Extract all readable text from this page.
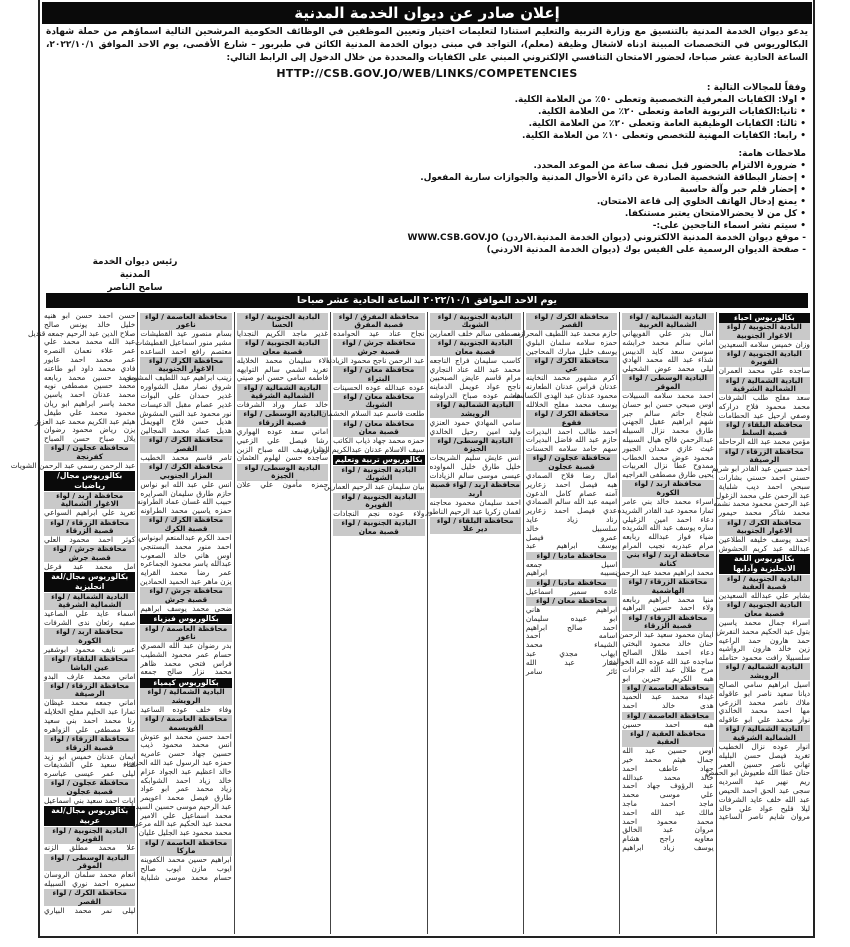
إعلان صادر عن ديوان الخدمة المدنية
يدعو ديوان الخدمة المدنية بالتنسيق مع وزارة التربية والتعليم استنادا لتعليمات اختيار وتعيين الموظفين في الوظائف الحكومية المرشحين التالية اسماؤهم من حملة شهادة البكالوريوس في التخصصات المبينة ادناه لاشغال وظيفة (معلم)، التواجد في مبنى ديوان الخدمة المدنية الكائن في طبربور – شارع الأقصى، يوم الاحد الموافق ٢٠٢٢/١٠/١، الساعة الحادية عشر صباحا، لحضور الامتحان التنافسي الإلكتروني المبني على الكفايات والمحددة من خلال الدخول إلى الرابط التالي:
HTTP://CSB.GOV.JO/WEB/LINKS/COMPETENCIES
وفقاً للمجالات التالية :
• اولا: الكفايات المعرفية التخصصية وتعطى ٥٠٪ من العلامة الكلية.
• ثانيا:الكفايات التربوية العامة وتعطى ٢٠٪ من العلامة الكلية.
• ثالثا: الكفايات الوظيفية العامة وتعطى ٢٠٪ من العلامة الكلية.
• رابعا: الكفايات المهنية للتخصص وتعطى ١٠٪ من العلامة الكلية.
ملاحظات هامة:
• ضرورة الالتزام بالحضور قبل نصف ساعة من الموعد المحدد.
• إحضار البطاقة الشخصية الصادرة عن دائرة الأحوال المدنية والجوازات سارية المفعول.
• إحضار قلم حبر وآلة حاسبة
• يمنع إدخال الهاتف الخلوي إلى قاعة الامتحان.
• كل من لا يحضرالامتحان يعتبر مستنكفا.
• سيتم نشر اسماء الناجحين على:-
- موقع ديوان الخدمة المدنية الالكتروني (ديوان الخدمة المدنية.الاردن) WWW.CSB.GOV.JO
- صفحة الديوان الرسمية على الفيس بوك (ديوان الخدمة المدنية الاردني)
رئيس ديوان الخدمة المدنية
سامح الناصر
يوم الاحد الموافق ٢٠٢٢/١٠/١ الساعة الحادية عشر صباحا
بكالوريوس احياء
البادية الجنوبية / لواء الاغوار الجنوبية
وزان خميس سلامه السعيدين
البادية الجنوبية / لواء القويرة
ساجده علي محمد العمران
البادية الشمالية / لواء الشمالية الشرقية
سعد مفلح طلب الشرفات
محمد محمود فلاح دراركه
وصفي ارحيل عيد الحطامات
محافظة البلقاء / لواء قصبة السلط
مؤمن محمد عبد الله الرحاحله
محافظة الزرقاء / لواء الرصيفة
احمد حسين عبد القادر ابو شريم
حسني احمد حسني بشارات
سبحي احمد ديب شلباية
عبد الرحمن علي محمد الزغول
عبد الرحمن محمود محمد نشمه
محمد شاكر محمد حيمور
محافظة الكرك / لواء الاغوار الجنوبية
احمد يوسف خليفه الطلاعين
عبدالله عبد كريم الحشوش
بكالوريوس اللغة الانجليزية وآدابها
البادية الجنوبية / لواء قصبة العقبة
بشاير علي عبدالله السعيدين
البادية الجنوبية / لواء قصبة معان
اسراء جمال محمد ياسين
بتول عبد الحكيم محمد النفرش
حمد هارون حمد الراعيه
زين خالد هارون الرواشيه
سلسبيلا رافت محمود حتامله
البادية الشمالية / لواء الرويشد
اسيل ابراهيم سامي الصالح
ديانا سعيد ناصر ابو عاقوله
ملاك ناصر محمد الزرعي
مها احمد محمد الخالدي
نوار محمد علي ابو عاقوله
البادية الشمالية / لواء الشمالية الشرقية
انوار عوده نزال الخطيب
تغريد فيصل حسن البليله
تهاني ناصر حسين العمر
حنان عطا الله طعيوش ابو الحمص
ريم نهير عيد السرديه
سجى عبد الحق احمد الحيص
عبد الله خلف عايد الشرفات
ليلا فليح عواد علي خالد
مروان شايم ناصر الساعيد
البادية الشمالية / لواء الشمالية الغربية
امال بدر علي الفويهاني
اماني سالم محمد خرابشه
سوسن سعد كايد الدبيس
شذاء عبد الله محمد الهادي
ليلى محمد عوض الشحيلي
البادية الوسطى / لواء الموقر
احمد محمد سلامه السبيلات
اوس صبحي حسن ابو حسان
شجاع حاتم سالم جبر
شهم ابراهيم عقيل الجهني
طارق محمد نزال السبيله
عبدالرحمن فالح هيال السبيله
غيث غازي حمدان الجبور
محمود عوض محمد الخطاب
ممدوح عطا نزال العربيات
يحيى طارق مصطفى الفراجيه
محافظة اربد / لواء الكورة
اسراء محمد خالد بني عامر
تمارا محمود عبد القادر الشريده
دعاء احمد امين الزغيلي
ساره يوسف عبد الله الشريده
ضياء فواز عبدالله ربابعه
مرام عبدربه نجيب المرام
محافظة اربد / لواء بني كنانة
محمد ابراهيم محمد عبد الرحمن
محافظة الزرقاء / لواء الهاشمية
منيا محمد ابراهيم ربابعه
ولاء احمد حسين البراهيه
محافظة الزرقاء / لواء قصبة الزرقاء
ايمان محمود سعيد عبد الرحمن
حنان خالد محمود البختي
دعاء احمد طلال الصالح
ساجده عبد الله عوده الله الخوالده
مرح طلال عبد الله جرادات
هبه الكريم جبرين ابو
محافظة العاصمة / لواء
غيداء محمد عبد الحميد
هدى خالد احمد
محافظة العاصمة / لواء
هبه احمد حسين
محافظة العقبة / لواء العقبة
اوس حسين عبد الله
جمال هيثم محمد خير
جهاد عاطف احمد
خالد محمد عبدالله
عبد الرؤوف جهاد احمد
علي موسى محمد
ماجد احمد ماجد
مالك عبد الله احمد
محمد محمود احمد
مروان عبد الخالق
معاويه راجح هشام
يوسف زياد ابراهيم
محافظة الكرك / لواء القصر
حازم محمد عبد اللطيف المحرازنه
حمزه سلامه سلمان البلوي
يوسف خليل مبارك المحاجين
محافظة الكرك / لواء عي
اكرم مشهور محمد النخاينه
عدنان فراس عدنان الطعارنه
محمود عدنان عبد الهدى الكساسبه
يوسف محمد مفلح الخلالله
محافظة الكرك / لواء فقوع
احمد طالب احمد البديرات
حازم عبد الله فاضل البديرات
سهم حامد سلامه الحسنات
محافظة عجلون / لواء قصبة عجلون
امال رضا فلاح الصمادي
هبه فيصل احمد زعارير
آمنه عصام كامل الدعون
اميمه عبد الله سالم الصمادي
عدي فيصل احمد زعارير
رناد زياد عايد
سلسبيل خالد
عمرو فيصل
يوسف ابراهيم عبد
محافظة مادبا / لواء
اسيل جمعه
نسيبه ابراهيم
محافظة مادبا / لواء
غاده سمير اسماعيل
محافظة معان / لواء
ابراهيم هاني
ابو عبيده سليمان
احمد صالح ابراهيم
اسامه احمد
الشيماء محمد
ايهاب مجدي عبد
بشار عبد الله
ثائر سامر
البادية الجنوبية / لواء الشوبك
مصطفى سالم خلف العمارين
البادية الجنوبية / لواء قصبة معان
كاسب سليمان فراج الناجعه
محمد عبد الله عناد النجاري
مرام قاسم عايض الصبحيين
ناجح عواد عويمل الدماينه
هاشم عوده صباح الدراوشه
البادية الشمالية / لواء الرويشد
سامي المهادي حمود العنزي
وليد امين رحيل الخالدي
البادية الوسطى/ لواء الجيزة
انس عايش سليم الشريجات
خليل طارق خليل المواوده
عيسى موسى سالم الزيادات
محافظة اربد / لواء قصبة اربد
احمد سليمان محمود محاجنه
لقمان زكريا عبد الرحيم الناطور
محافظة البلقاء / لواء دير علا
محافظة المفرق / لواء قصبة المفرق
نجاح عناد عيد الحوامده
محافظة جرش / لواء قصبة جرش
عبد الرحمن ناجح محمود الزيادنه
محافظة معان / لواء البتراء
عوده عبدالله عوده الحسينات
محافظة معان / لواء الشوبك
طلعت قاسم عبد السلام الخشمان
محافظة معان / لواء قصبة معان
حمزه محمد جهاد ذياب الكاتب
سيف الاسلام عدنان عبدالكريم الشراري
بكالوريوس تربية وتعليم
البادية الجنوبية / لواء الشوبك
بيان سليمان عبد الرحيم العمارين
البادية الجنوبية / لواء القويرة
ولاء عوده نجم النجادات
البادية الجنوبية / لواء قصبة معان
البادية الجنوبية / لواء الحسا
غدير ماجد الكريم النجدايا
البادية الجنوبية / لواء قصبة معان
الاء سليمان محمد الخلايله
تغريد الشمي سالم التوايهه
فاطمه سامي حسن ابو صيني
البادية الشمالية / لواء الشمالية الشرقية
خالد عمار وراد الشرفات
البادية الوسطى / لواء قصبة الزرقاء
اماني سعد عوده الهواري
رشا فيصل علي الزعبي
روان ضيف الله صباح الزبن
ساجده حسن لهلوم العثمان
البادية الوسطى/ لواء الجيزة
حمزه مأمون علي علان
محافظة العاصمة / لواء ناعور
بسام منصور عيد القطيشات
مشير منور اسماعيل القطيشات
معتصم رافع احمد الساعده
محافظة الكرك / لواء الاغوار الجنوبية
زينب ابراهيم عبد اللطيف المشوش
شروق نصار مقبل الشواوره
غدير حمدان علي البوات
غدير عصام مقبل الدعيسات
نور محمود عبد النبي المشوش
هديل حسن فلاح الهويمل
هديل عماد محمد المجالين
محافظة الكرك / لواء القصر
تامر قاسم محمد الخطيب
محافظة الكرك / لواء المزار الجنوبي
انس علي عبد الله ابو نواس
حازم طارق سليمان الصرايره
حبيب الله غسان عماد الطراونه
حمزه ياسين محمد الطراونه
محافظة الكرك / لواء قصبة الكرك
احمد الكرم عبدالمنعم ابونواس
احمد منور محمد البستنجي
اوس هاني خالد الصعوب
عبدالله ياسر محمود الجماعره
عمر رضا محمد القرايه
يزن ماهر عبد الحميد الحمادين
محافظة جرش / لواء قصبة جرش
ضحى محمد يوسف ابراهيم
بكالوريوس فيزياء
محافظة العاصمة / لواء ناعور
بدر رضوان عبد الله المصري
حسام عمر محمود الشطيب
فراس فتحي محمد ظاهر
محمد نزار صالح جمعه
بكالوريوس كيمياء
البادية الشمالية / لواء الرويشد
وفاء خلف عوده الساعيد
محافظة العاصمة / لواء القويسمة
احمد حسن محمد ابو عتوش
انس محمد محمود ذيب
حسين جهاد حسن عامريه
حمزه عبد الرسول عبد الله الحروب
خالد اعظيم عبد الجواد عزام
خالد زياد احمد الشوابكه
زياد محمد عمر ابو عواد
طارق فيصل محمد اعويمر
عبد الرحيم موسى حسين السيد احمد
محمد اسماعيل علي الامير
محمد عبد الحكيم عبد الله مرعي
محمد محمود عبد الجليل عليان
محافظة العاصمة / لواء ماركا
ابراهيم حسين محمد الكفوينه
ايوب مازن ايوب صالح
حسام محمد موسى شلباية
حسن احمد حسن ابو هنيه
خليل خالد يونس صالح
صلاح الدين عبد الرحيم جمعه قنديل
عبد الله محمد محمد علي
عمر علاء نعمان النصره
عمر محمد احمد عابور
فادي محمد داود ابو طاعنه
محمد حسين محمد ربابعه
محمد حسين مصطفى نويه
محمد عدنان احمد ياسين
محمد ياسر ابراهيم ابو ريان
محمود محمد علي طيفل
هيثم عبد الكريم محمد عبد العزيز
يزن رياض محمود رضوان
يلال صباح حسن الصباح
محافظة عجلون / لواء كفرنجة
عبد الرحمن رسمي عبد الرحمن الشويات
بكالوريوس مجال/رياضيات
محافظة اربد / لواء الاغوار الشمالية
تغريد علي ابراهيم السواعي
محافظة الزرقاء / لواء قصبة الزرقاء
كوثر احمد محمود العلي
محافظة جرش / لواء قصبة جرش
امل محمد عبد فرعل
بكالوريوس مجال/لغة انجليزية
البادية الشمالية / لواء الشمالية الشرقية
اسماء عايد علي الصاعيد
صفيه رثعان ندى الشرفات
محافظة اربد / لواء الكورة
عبير نايف محمود ابوشقير
محافظة البلقاء / لواء عين الباشا
اماني محمد عارف البدو
محافظة الزرقاء / لواء الرصيفة
اماني جمعه محمد غيظان
تمارا عبد الحليم مفلح الخلايله
رنا محمد احمد بني سعيد
علا مصطفى علي الزواهره
محافظة الزرقاء / لواء قصبة الزرقاء
ايمان عدنان خميس ابو زيد
لماء سعيد علي الشديفات
ليلى عمر عيسى عباسره
محافظة عجلون / لواء قصبة عجلون
ايات احمد سعيد بني اسماعيل
بكالوريوس مجال/لغة عربية
البادية الجنوبية / لواء القويرة
علا محمد مطلق الزنه
البادية الوسطى / لواء الموقر
انعام محمد سلمان الروسان
سميره احمد نوري السبيله
محافظة الكرك / لواء القصر
ليلى نمر محمد البياري
